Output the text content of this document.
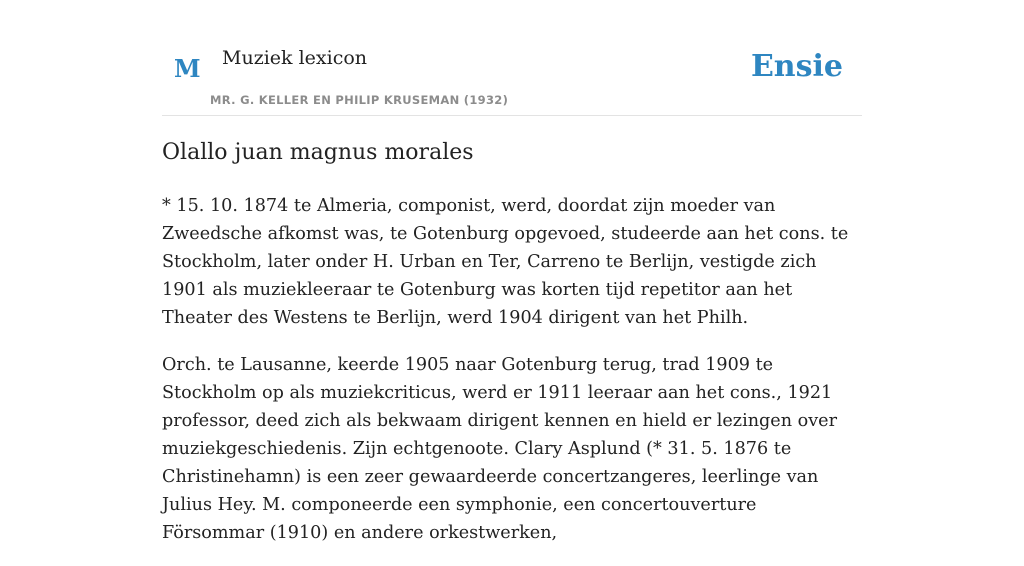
M Muziek lexicon
MR. G. KELLER EN PHILIP KRUSEMAN (1932)
Ensie
Olallo juan magnus morales

* 15. 10. 1874 te Almeria, componist, werd, doordat zijn moeder van Zweedsche afkomst was, te Gotenburg opgevoed, studeerde aan het cons. te Stockholm, later onder H. Urban en Ter, Carreno te Berlijn, vestigde zich 1901 als muziekleeraar te Gotenburg was korten tijd repetitor aan het Theater des Westens te Berlijn, werd 1904 dirigent van het Philh.

Orch. te Lausanne, keerde 1905 naar Gotenburg terug, trad 1909 te Stockholm op als muziekcriticus, werd er 1911 leeraar aan het cons., 1921 professor, deed zich als bekwaam dirigent kennen en hield er lezingen over muziekgeschiedenis. Zijn echtgenoote. Clary Asplund (* 31. 5. 1876 te Christinehamn) is een zeer gewaardeerde concertzangeres, leerlinge van Julius Hey. M. componeerde een symphonie, een concertouverture Försommar (1910) en andere orkestwerken,
